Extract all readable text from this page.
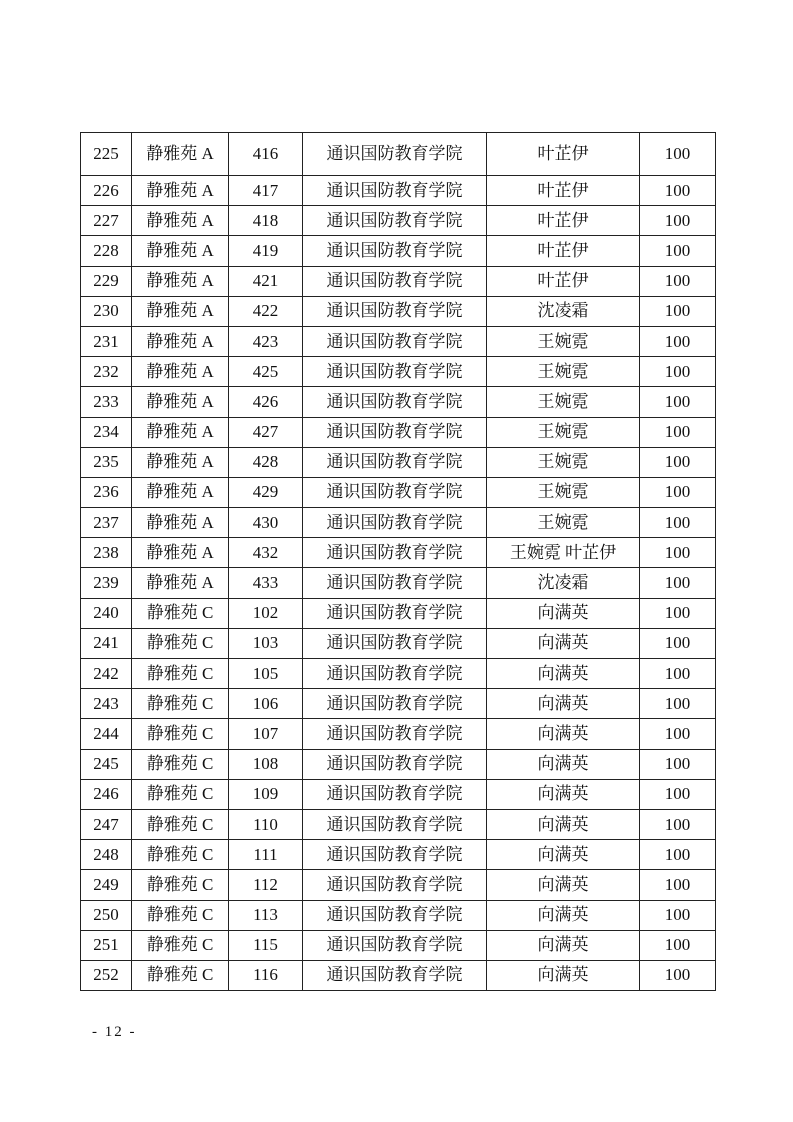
225	静雅苑 A	416	通识国防教育学院	叶芷伊	100
226	静雅苑 A	417	通识国防教育学院	叶芷伊	100
227	静雅苑 A	418	通识国防教育学院	叶芷伊	100
228	静雅苑 A	419	通识国防教育学院	叶芷伊	100
229	静雅苑 A	421	通识国防教育学院	叶芷伊	100
230	静雅苑 A	422	通识国防教育学院	沈凌霜	100
231	静雅苑 A	423	通识国防教育学院	王婉霓	100
232	静雅苑 A	425	通识国防教育学院	王婉霓	100
233	静雅苑 A	426	通识国防教育学院	王婉霓	100
234	静雅苑 A	427	通识国防教育学院	王婉霓	100
235	静雅苑 A	428	通识国防教育学院	王婉霓	100
236	静雅苑 A	429	通识国防教育学院	王婉霓	100
237	静雅苑 A	430	通识国防教育学院	王婉霓	100
238	静雅苑 A	432	通识国防教育学院	王婉霓 叶芷伊	100
239	静雅苑 A	433	通识国防教育学院	沈凌霜	100
240	静雅苑 C	102	通识国防教育学院	向满英	100
241	静雅苑 C	103	通识国防教育学院	向满英	100
242	静雅苑 C	105	通识国防教育学院	向满英	100
243	静雅苑 C	106	通识国防教育学院	向满英	100
244	静雅苑 C	107	通识国防教育学院	向满英	100
245	静雅苑 C	108	通识国防教育学院	向满英	100
246	静雅苑 C	109	通识国防教育学院	向满英	100
247	静雅苑 C	110	通识国防教育学院	向满英	100
248	静雅苑 C	111	通识国防教育学院	向满英	100
249	静雅苑 C	112	通识国防教育学院	向满英	100
250	静雅苑 C	113	通识国防教育学院	向满英	100
251	静雅苑 C	115	通识国防教育学院	向满英	100
252	静雅苑 C	116	通识国防教育学院	向满英	100
- 12 -
